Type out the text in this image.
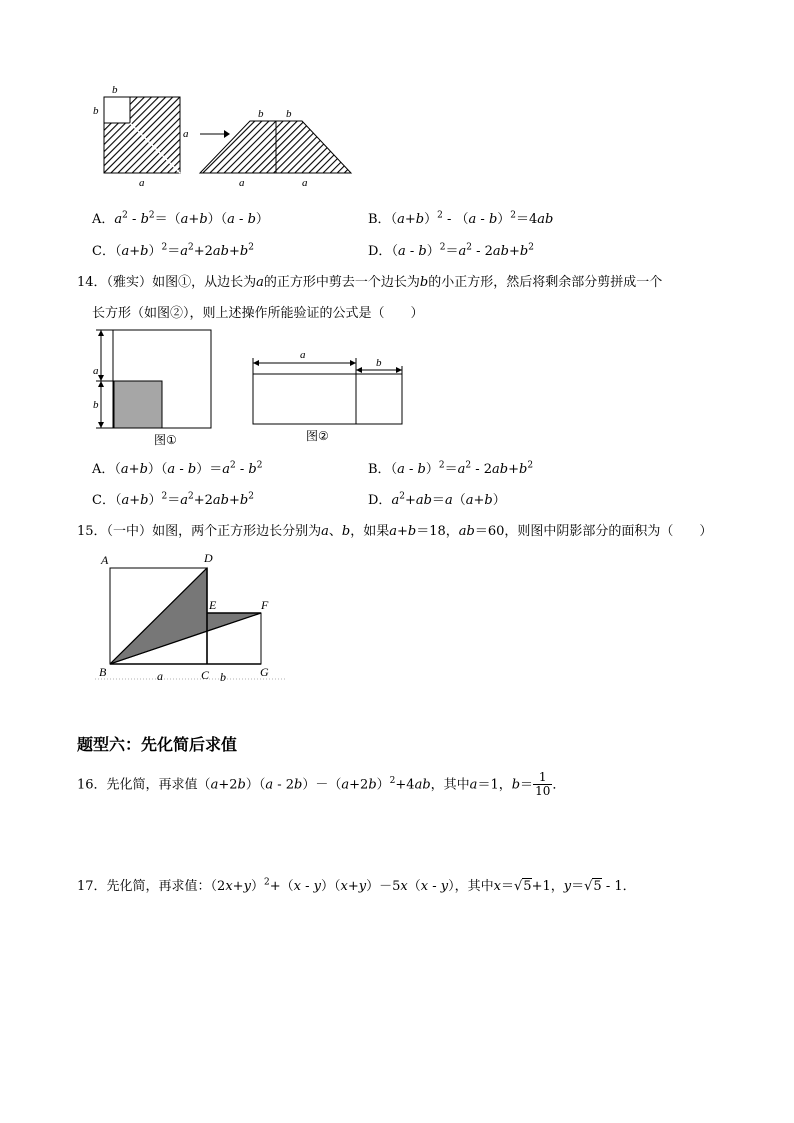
b
b
a
a
b b
a	a
A．$a^2 - b^2=(a+b)(a - b)$	B．$(a+b)^2 - (a - b)^2=4ab$
C．$(a+b)^2=a^2+2ab+b^2$	D．$(a - b)^2=a^2 - 2ab+b^2$
14．（雅实）如图①，从边长为a的正方形中剪去一个边长为b的小正方形，然后将剩余部分剪拼成一个
长方形（如图②），则上述操作所能验证的公式是（　　）
a
b
图①
a
b
图②
A．$(a+b)(a - b)=a^2 - b^2$	B．$(a - b)^2=a^2 - 2ab+b^2$
C．$(a+b)^2=a^2+2ab+b^2$	D．$a^2+ab=a(a+b)$
15．（一中）如图，两个正方形边长分别为a、b，如果a+b＝18，ab＝60，则图中阴影部分的面积为（　　）
A	D
E	F
B	C	G
a	b
题型六：先化简后求值
16．先化简，再求值$(a+2b)(a - 2b)-(a+2b)^2+4ab$，其中a＝1，$b= \frac{1}{10}$ ．
17．先化简，再求值：$(2x+y)^2+(x - y)(x+y)-5x(x - y)$，其中x＝√5+1，y＝√5 - 1．
